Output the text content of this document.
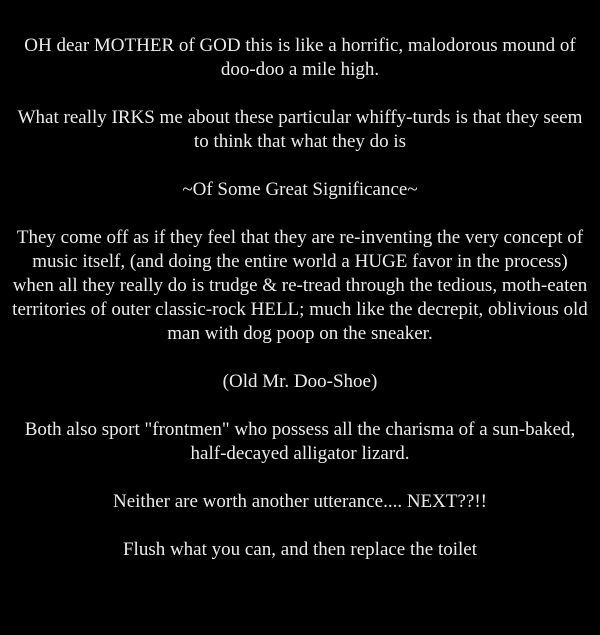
OH dear MOTHER of GOD this is like a horrific, malodorous mound of doo-doo a mile high.

What really IRKS me about these particular whiffy-turds is that they seem to think that what they do is

~Of Some Great Significance~

They come off as if they feel that they are re-inventing the very concept of music itself, (and doing the entire world a HUGE favor in the process) when all they really do is trudge & re-tread through the tedious, moth-eaten territories of outer classic-rock HELL; much like the decrepit, oblivious old man with dog poop on the sneaker.

(Old Mr. Doo-Shoe)

Both also sport "frontmen" who possess all the charisma of a sun-baked, half-decayed alligator lizard.

Neither are worth another utterance.... NEXT??!!

Flush what you can, and then replace the toilet
